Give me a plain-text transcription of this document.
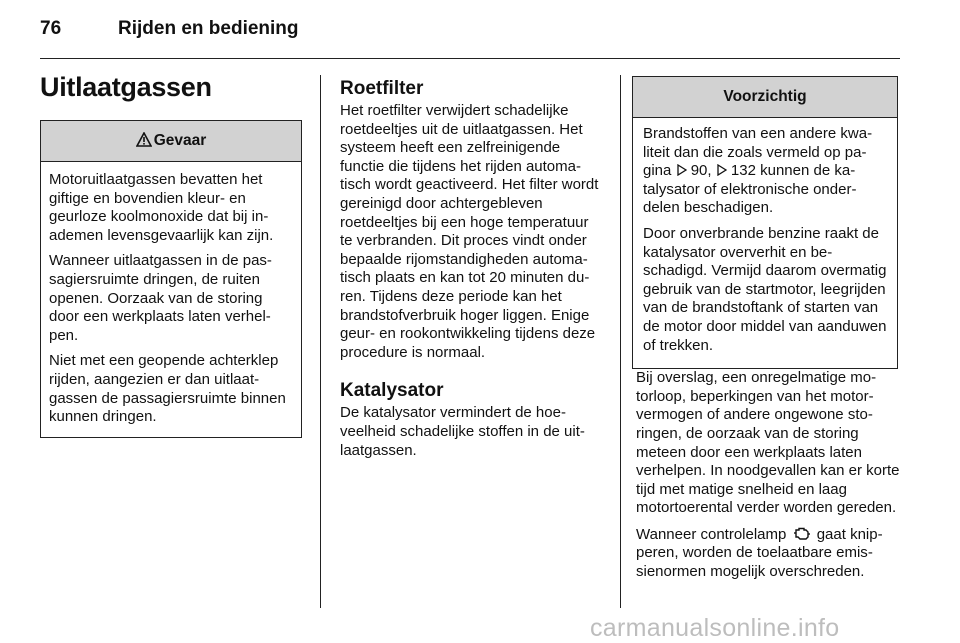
76	Rijden en bediening
Uitlaatgassen
Gevaar

Motoruitlaatgassen bevatten het giftige en bovendien kleur- en geurloze koolmonoxide dat bij inademen levensgevaarlijk kan zijn.

Wanneer uitlaatgassen in de passagiersruimte dringen, de ruiten openen. Oorzaak van de storing door een werkplaats laten verhelpen.

Niet met een geopende achterklep rijden, aangezien er dan uitlaatgassen de passagiersruimte binnen kunnen dringen.

Roetfilter

Het roetfilter verwijdert schadelijke roetdeeltjes uit de uitlaatgassen. Het systeem heeft een zelfreinigende functie die tijdens het rijden automatisch wordt geactiveerd. Het filter wordt gereinigd door achtergebleven roetdeeltjes bij een hoge temperatuur te verbranden. Dit proces vindt onder bepaalde rijomstandigheden automatisch plaats en kan tot 20 minuten duren. Tijdens deze periode kan het brandstofverbruik hoger liggen. Enige geur- en rookontwikkeling tijdens deze procedure is normaal.

Katalysator

De katalysator vermindert de hoeveelheid schadelijke stoffen in de uitlaatgassen.

Voorzichtig

Brandstoffen van een andere kwaliteit dan die zoals vermeld op pagina 90, 132 kunnen de katalysator of elektronische onderdelen beschadigen.

Door onverbrande benzine raakt de katalysator oververhit en beschadigd. Vermijd daarom overmatig gebruik van de startmotor, leegrijden van de brandstoftank of starten van de motor door middel van aanduwen of trekken.

Bij overslag, een onregelmatige motorloop, beperkingen van het motorvermogen of andere ongewone storingen, de oorzaak van de storing meteen door een werkplaats laten verhelpen. In noodgevallen kan er korte tijd met matige snelheid en laag motortoerental verder worden gereden.

Wanneer controlelamp gaat knipperen, worden de toelaatbare emissienormen mogelijk overschreden.

carmanualsonline.info
